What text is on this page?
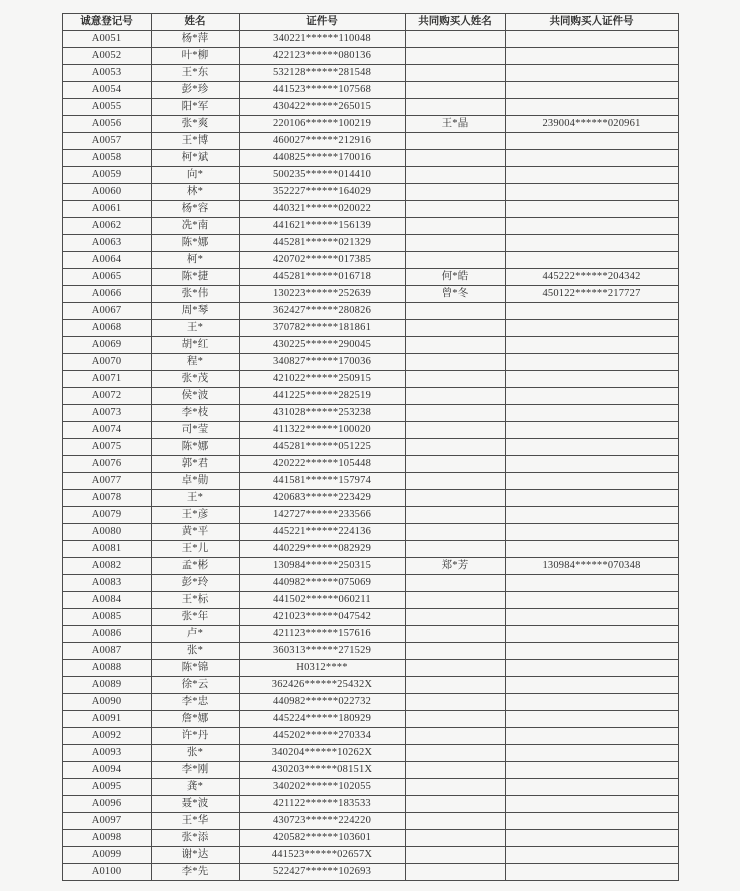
诚意登记号	姓名	证件号	共同购买人姓名	共同购买人证件号
A0051	杨*萍	340221******110048		
A0052	叶*柳	422123******080136		
A0053	王*东	532128******281548		
A0054	彭*珍	441523******107568		
A0055	阳*军	430422******265015		
A0056	张*爽	220106******100219	王*晶	239004******020961
A0057	王*博	460027******212916		
A0058	柯*斌	440825******170016		
A0059	向*	500235******014410		
A0060	林*	352227******164029		
A0061	杨*容	440321******020022		
A0062	冼*南	441621******156139		
A0063	陈*娜	445281******021329		
A0064	柯*	420702******017385		
A0065	陈*捷	445281******016718	何*皓	445222******204342
A0066	张*伟	130223******252639	曾*冬	450122******217727
A0067	周*琴	362427******280826		
A0068	王*	370782******181861		
A0069	胡*红	430225******290045		
A0070	程*	340827******170036		
A0071	张*茂	421022******250915		
A0072	侯*波	441225******282519		
A0073	李*枝	431028******253238		
A0074	司*莹	411322******100020		
A0075	陈*娜	445281******051225		
A0076	郭*君	420222******105448		
A0077	卓*勋	441581******157974		
A0078	王*	420683******223429		
A0079	王*彦	142727******233566		
A0080	黄*平	445221******224136		
A0081	王*儿	440229******082929		
A0082	孟*彬	130984******250315	郑*芳	130984******070348
A0083	彭*玲	440982******075069		
A0084	王*标	441502******060211		
A0085	张*年	421023******047542		
A0086	卢*	421123******157616		
A0087	张*	360313******271529		
A0088	陈*锦	H0312****		
A0089	徐*云	362426******25432X		
A0090	李*忠	440982******022732		
A0091	詹*娜	445224******180929		
A0092	许*丹	445202******270334		
A0093	张*	340204******10262X		
A0094	李*刚	430203******08151X		
A0095	龚*	340202******102055		
A0096	聂*波	421122******183533		
A0097	王*华	430723******224220		
A0098	张*添	420582******103601		
A0099	谢*达	441523******02657X		
A0100	李*先	522427******102693		
